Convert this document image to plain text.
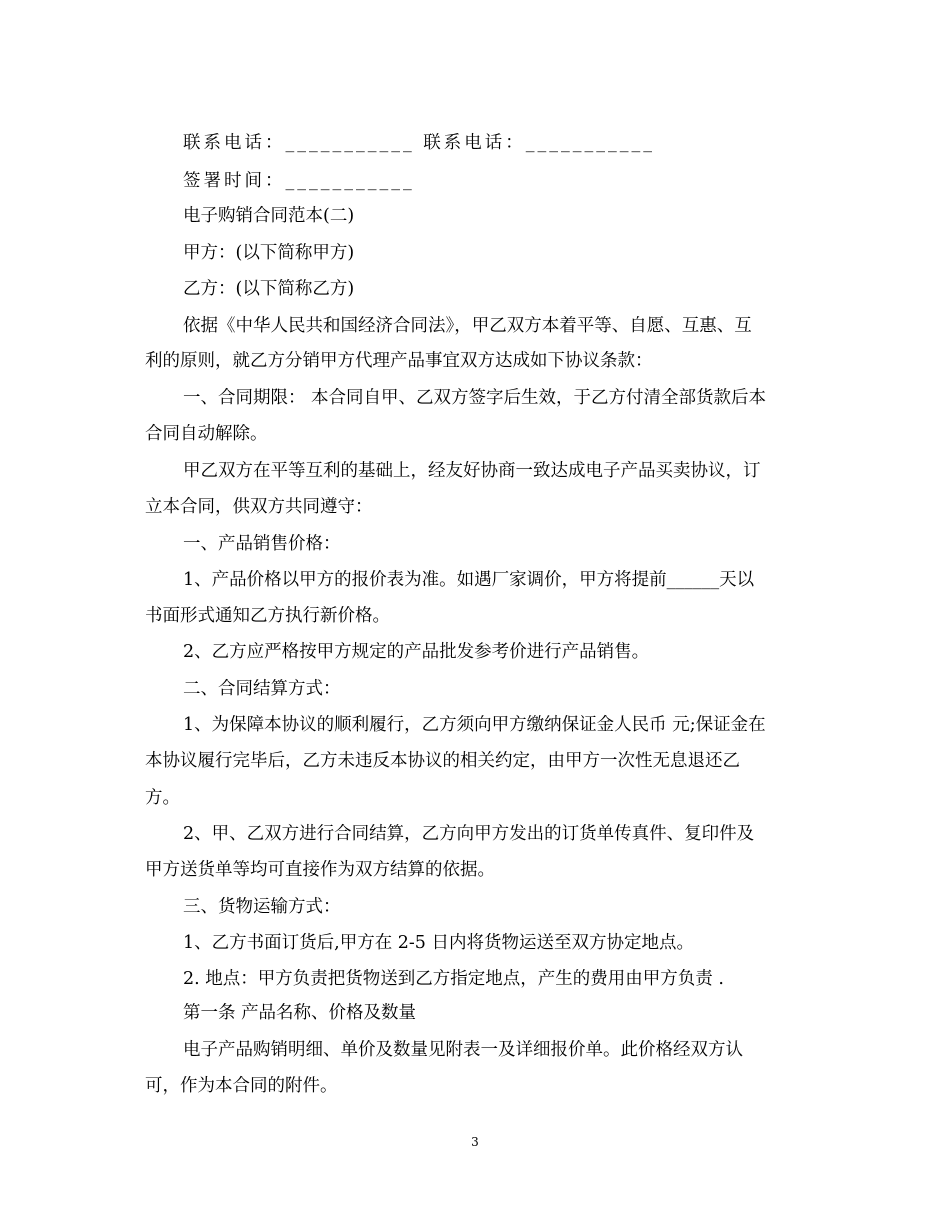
联系电话：___________ 联系电话：___________
签署时间：___________
电子购销合同范本(二)
甲方：(以下简称甲方)
乙方：(以下简称乙方)
依据《中华人民共和国经济合同法》，甲乙双方本着平等、自愿、互惠、互
利的原则，就乙方分销甲方代理产品事宜双方达成如下协议条款：
一、合同期限： 本合同自甲、乙双方签字后生效，于乙方付清全部货款后本
合同自动解除。
甲乙双方在平等互利的基础上，经友好协商一致达成电子产品买卖协议，订
立本合同，供双方共同遵守：
一、产品销售价格：
1、产品价格以甲方的报价表为准。如遇厂家调价，甲方将提前______天以
书面形式通知乙方执行新价格。
2、乙方应严格按甲方规定的产品批发参考价进行产品销售。
二、合同结算方式：
1、为保障本协议的顺利履行，乙方须向甲方缴纳保证金人民币 元;保证金在
本协议履行完毕后，乙方未违反本协议的相关约定，由甲方一次性无息退还乙
方。
2、甲、乙双方进行合同结算，乙方向甲方发出的订货单传真件、复印件及
甲方送货单等均可直接作为双方结算的依据。
三、货物运输方式：
1、乙方书面订货后,甲方在 2-5 日内将货物运送至双方协定地点。
2. 地点：甲方负责把货物送到乙方指定地点，产生的费用由甲方负责 .
第一条 产品名称、价格及数量
电子产品购销明细、单价及数量见附表一及详细报价单。此价格经双方认
可，作为本合同的附件。
3
